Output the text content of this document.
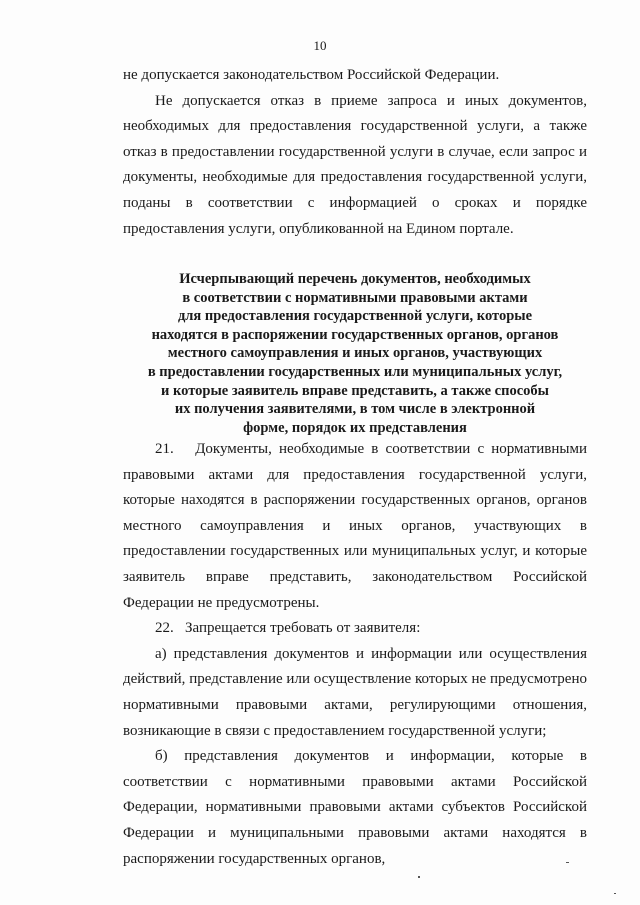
10

не допускается законодательством Российской Федерации.

Не допускается отказ в приеме запроса и иных документов, необходимых для предоставления государственной услуги, а также отказ в предоставлении государственной услуги в случае, если запрос и документы, необходимые для предоставления государственной услуги, поданы в соответствии с информацией о сроках и порядке предоставления услуги, опубликованной на Едином портале.

Исчерпывающий перечень документов, необходимых
в соответствии с нормативными правовыми актами
для предоставления государственной услуги, которые
находятся в распоряжении государственных органов, органов
местного самоуправления и иных органов, участвующих
в предоставлении государственных или муниципальных услуг,
и которые заявитель вправе представить, а также способы
их получения заявителями, в том числе в электронной
форме, порядок их представления

21.   Документы, необходимые в соответствии с нормативными правовыми актами для предоставления государственной услуги, которые находятся в распоряжении государственных органов, органов местного самоуправления и иных органов, участвующих в предоставлении государственных или муниципальных услуг, и которые заявитель вправе представить, законодательством Российской Федерации не предусмотрены.

22.   Запрещается требовать от заявителя:

а) представления документов и информации или осуществления действий, представление или осуществление которых не предусмотрено нормативными правовыми актами, регулирующими отношения, возникающие в связи с предоставлением государственной услуги;

б) представления документов и информации, которые в соответствии с нормативными правовыми актами Российской Федерации, нормативными правовыми актами субъектов Российской Федерации и муниципальными правовыми актами находятся в распоряжении государственных органов,
